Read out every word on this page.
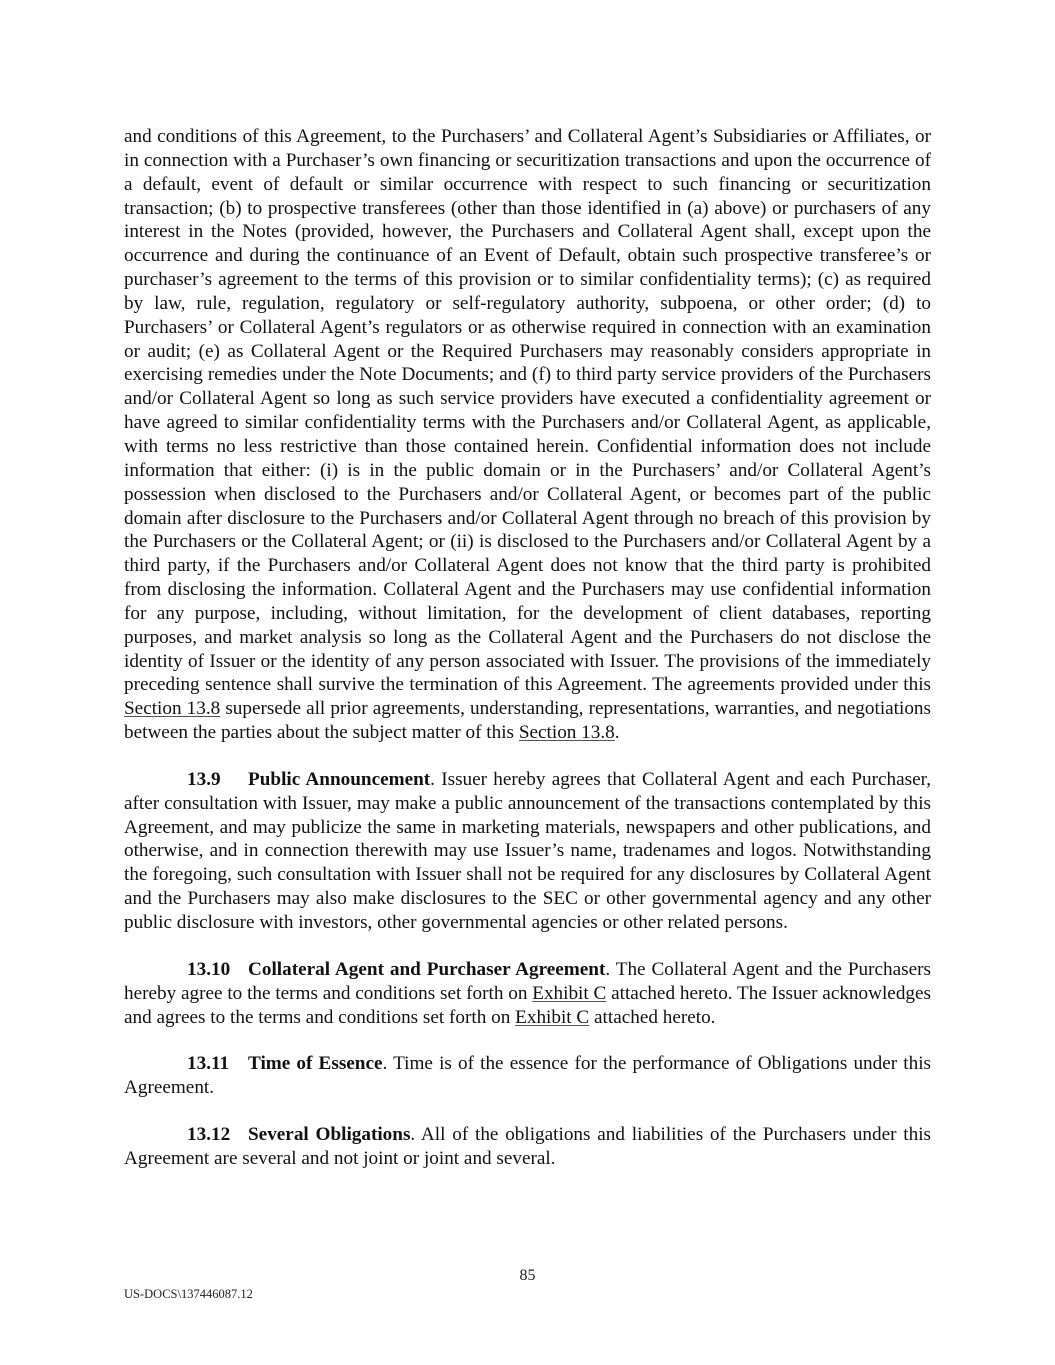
and conditions of this Agreement, to the Purchasers’ and Collateral Agent’s Subsidiaries or Affiliates, or in connection with a Purchaser’s own financing or securitization transactions and upon the occurrence of a default, event of default or similar occurrence with respect to such financing or securitization transaction; (b) to prospective transferees (other than those identified in (a) above) or purchasers of any interest in the Notes (provided, however, the Purchasers and Collateral Agent shall, except upon the occurrence and during the continuance of an Event of Default, obtain such prospective transferee’s or purchaser’s agreement to the terms of this provision or to similar confidentiality terms); (c) as required by law, rule, regulation, regulatory or self-regulatory authority, subpoena, or other order; (d) to Purchasers’ or Collateral Agent’s regulators or as otherwise required in connection with an examination or audit; (e) as Collateral Agent or the Required Purchasers may reasonably considers appropriate in exercising remedies under the Note Documents; and (f) to third party service providers of the Purchasers and/or Collateral Agent so long as such service providers have executed a confidentiality agreement or have agreed to similar confidentiality terms with the Purchasers and/or Collateral Agent, as applicable, with terms no less restrictive than those contained herein. Confidential information does not include information that either: (i) is in the public domain or in the Purchasers’ and/or Collateral Agent’s possession when disclosed to the Purchasers and/or Collateral Agent, or becomes part of the public domain after disclosure to the Purchasers and/or Collateral Agent through no breach of this provision by the Purchasers or the Collateral Agent; or (ii) is disclosed to the Purchasers and/or Collateral Agent by a third party, if the Purchasers and/or Collateral Agent does not know that the third party is prohibited from disclosing the information. Collateral Agent and the Purchasers may use confidential information for any purpose, including, without limitation, for the development of client databases, reporting purposes, and market analysis so long as the Collateral Agent and the Purchasers do not disclose the identity of Issuer or the identity of any person associated with Issuer. The provisions of the immediately preceding sentence shall survive the termination of this Agreement. The agreements provided under this Section 13.8 supersede all prior agreements, understanding, representations, warranties, and negotiations between the parties about the subject matter of this Section 13.8.

13.9 Public Announcement. Issuer hereby agrees that Collateral Agent and each Purchaser, after consultation with Issuer, may make a public announcement of the transactions contemplated by this Agreement, and may publicize the same in marketing materials, newspapers and other publications, and otherwise, and in connection therewith may use Issuer’s name, tradenames and logos. Notwithstanding the foregoing, such consultation with Issuer shall not be required for any disclosures by Collateral Agent and the Purchasers may also make disclosures to the SEC or other governmental agency and any other public disclosure with investors, other governmental agencies or other related persons.

13.10 Collateral Agent and Purchaser Agreement. The Collateral Agent and the Purchasers hereby agree to the terms and conditions set forth on Exhibit C attached hereto. The Issuer acknowledges and agrees to the terms and conditions set forth on Exhibit C attached hereto.

13.11 Time of Essence. Time is of the essence for the performance of Obligations under this Agreement.

13.12 Several Obligations. All of the obligations and liabilities of the Purchasers under this Agreement are several and not joint or joint and several.

85
US-DOCS\137446087.12
